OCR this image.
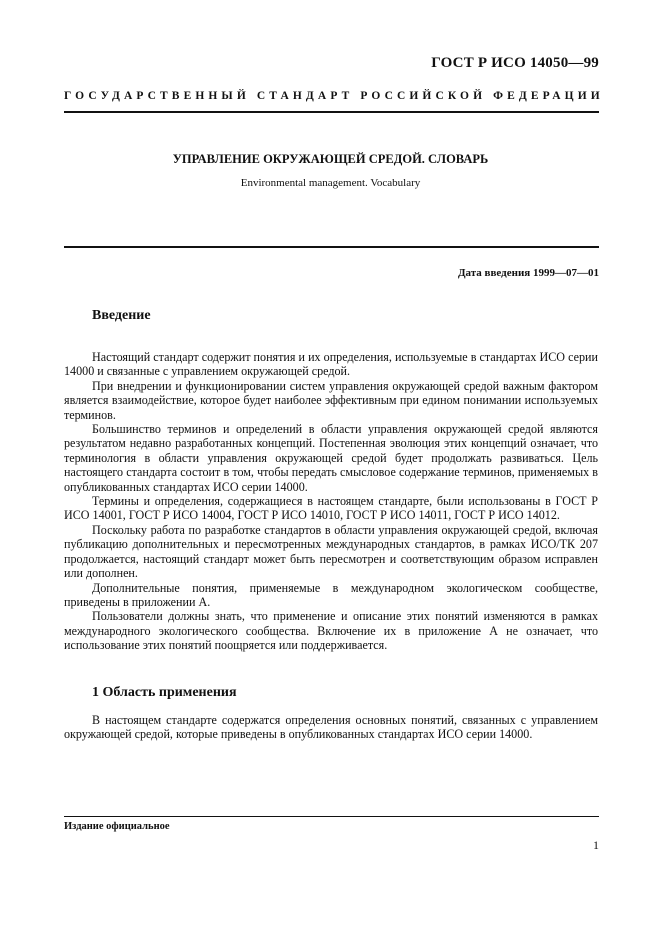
ГОСТ Р ИСО 14050—99
ГОСУДАРСТВЕННЫЙ СТАНДАРТ РОССИЙСКОЙ ФЕДЕРАЦИИ
УПРАВЛЕНИЕ ОКРУЖАЮЩЕЙ СРЕДОЙ. СЛОВАРЬ
Environmental management. Vocabulary
Дата введения 1999—07—01
Введение

Настоящий стандарт содержит понятия и их определения, используемые в стандартах ИСО серии 14000 и связанные с управлением окружающей средой.

При внедрении и функционировании систем управления окружающей средой важным фактором является взаимодействие, которое будет наиболее эффективным при едином понимании используемых терминов.

Большинство терминов и определений в области управления окружающей средой являются результатом недавно разработанных концепций. Постепенная эволюция этих концепций означает, что терминология в области управления окружающей средой будет продолжать развиваться. Цель настоящего стандарта состоит в том, чтобы передать смысловое содержание терминов, применяемых в опубликованных стандартах ИСО серии 14000.

Термины и определения, содержащиеся в настоящем стандарте, были использованы в ГОСТ Р ИСО 14001, ГОСТ Р ИСО 14004, ГОСТ Р ИСО 14010, ГОСТ Р ИСО 14011, ГОСТ Р ИСО 14012.

Поскольку работа по разработке стандартов в области управления окружающей средой, включая публикацию дополнительных и пересмотренных международных стандартов, в рамках ИСО/ТК 207 продолжается, настоящий стандарт может быть пересмотрен и соответствующим образом исправлен или дополнен.

Дополнительные понятия, применяемые в международном экологическом сообществе, приведены в приложении А.

Пользователи должны знать, что применение и описание этих понятий изменяются в рамках международного экологического сообщества. Включение их в приложение А не означает, что использование этих понятий поощряется или поддерживается.

1 Область применения

В настоящем стандарте содержатся определения основных понятий, связанных с управлением окружающей средой, которые приведены в опубликованных стандартах ИСО серии 14000.

Издание официальное
1
